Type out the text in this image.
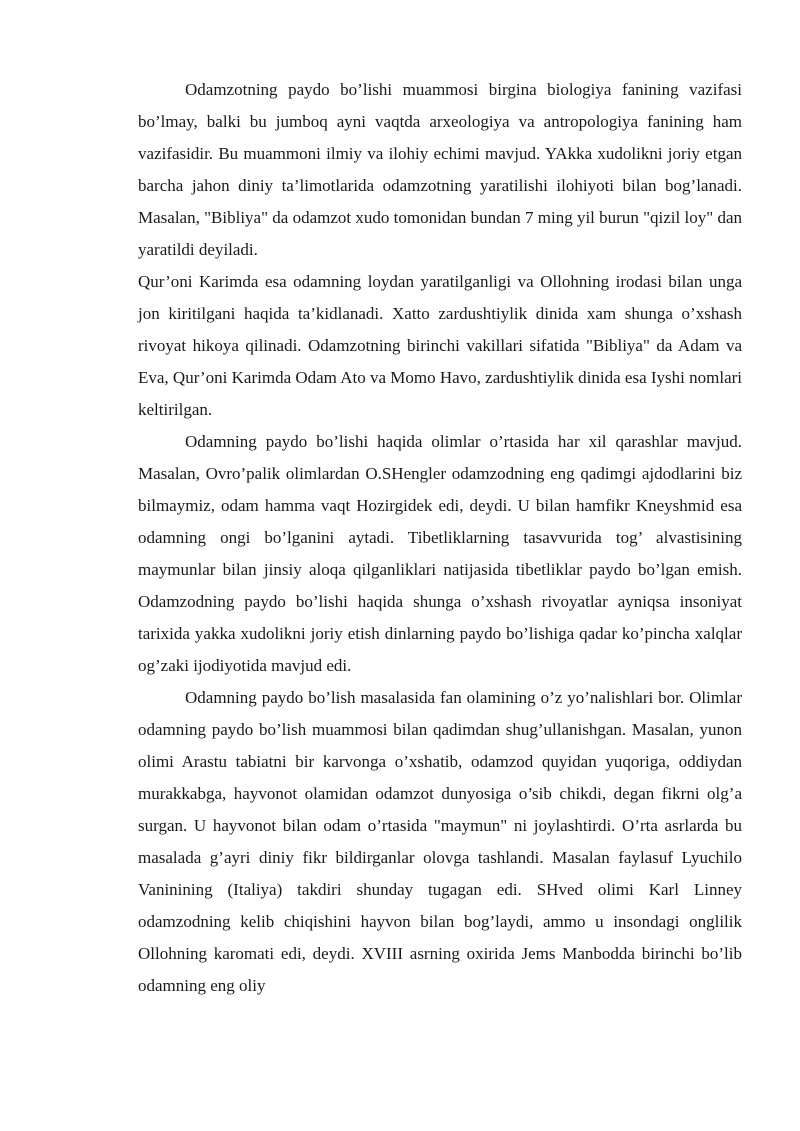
Odamzotning paydo bo’lishi muammosi birgina biologiya fanining vazifasi bo’lmay, balki bu jumboq ayni vaqtda arxeologiya va antropologiya fanining ham vazifasidir. Bu muammoni ilmiy va ilohiy echimi mavjud. YAkka xudolikni joriy etgan barcha jahon diniy ta’limotlarida odamzotning yaratilishi ilohiyoti bilan bog’lanadi. Masalan, "Bibliya" da odamzot xudo tomonidan bundan 7 ming yil burun "qizil loy" dan yaratildi deyiladi.

Qur’oni Karimda esa odamning loydan yaratilganligi va Ollohning irodasi bilan unga jon kiritilgani haqida ta’kidlanadi. Xatto zardushtiylik dinida xam shunga o’xshash rivoyat hikoya qilinadi. Odamzotning birinchi vakillari sifatida "Bibliya" da Adam va Eva, Qur’oni Karimda Odam Ato va Momo Havo, zardushtiylik dinida esa Iyshi nomlari keltirilgan.

Odamning paydo bo’lishi haqida olimlar o’rtasida har xil qarashlar mavjud. Masalan, Ovro’palik olimlardan O.SHengler odamzodning eng qadimgi ajdodlarini biz bilmaymiz, odam hamma vaqt Hozirgidek edi, deydi. U bilan hamfikr Kneyshmid esa odamning ongi bo’lganini aytadi. Tibetliklarning tasavvurida tog’ alvastisining maymunlar bilan jinsiy aloqa qilganliklari natijasida tibetliklar paydo bo’lgan emish. Odamzodning paydo bo’lishi haqida shunga o’xshash rivoyatlar ayniqsa insoniyat tarixida yakka xudolikni joriy etish dinlarning paydo bo’lishiga qadar ko’pincha xalqlar og’zaki ijodiyotida mavjud edi.

Odamning paydo bo’lish masalasida fan olamining o’z yo’nalishlari bor. Olimlar odamning paydo bo’lish muammosi bilan qadimdan shug’ullanishgan. Masalan, yunon olimi Arastu tabiatni bir karvonga o’xshatib, odamzod quyidan yuqoriga, oddiydan murakkabga, hayvonot olamidan odamzot dunyosiga o’sib chikdi, degan fikrni olg’a surgan. U hayvonot bilan odam o’rtasida "maymun" ni joylashtirdi. O’rta asrlarda bu masalada g’ayri diniy fikr bildirganlar olovga tashlandi. Masalan faylasuf Lyuchilo Vaninining (Italiya) takdiri shunday tugagan edi. SHved olimi Karl Linney odamzodning kelib chiqishini hayvon bilan bog’laydi, ammo u insondagi onglilik Ollohning karomati edi, deydi. XVIII asrning oxirida Jems Manbodda birinchi bo’lib odamning eng oliy
